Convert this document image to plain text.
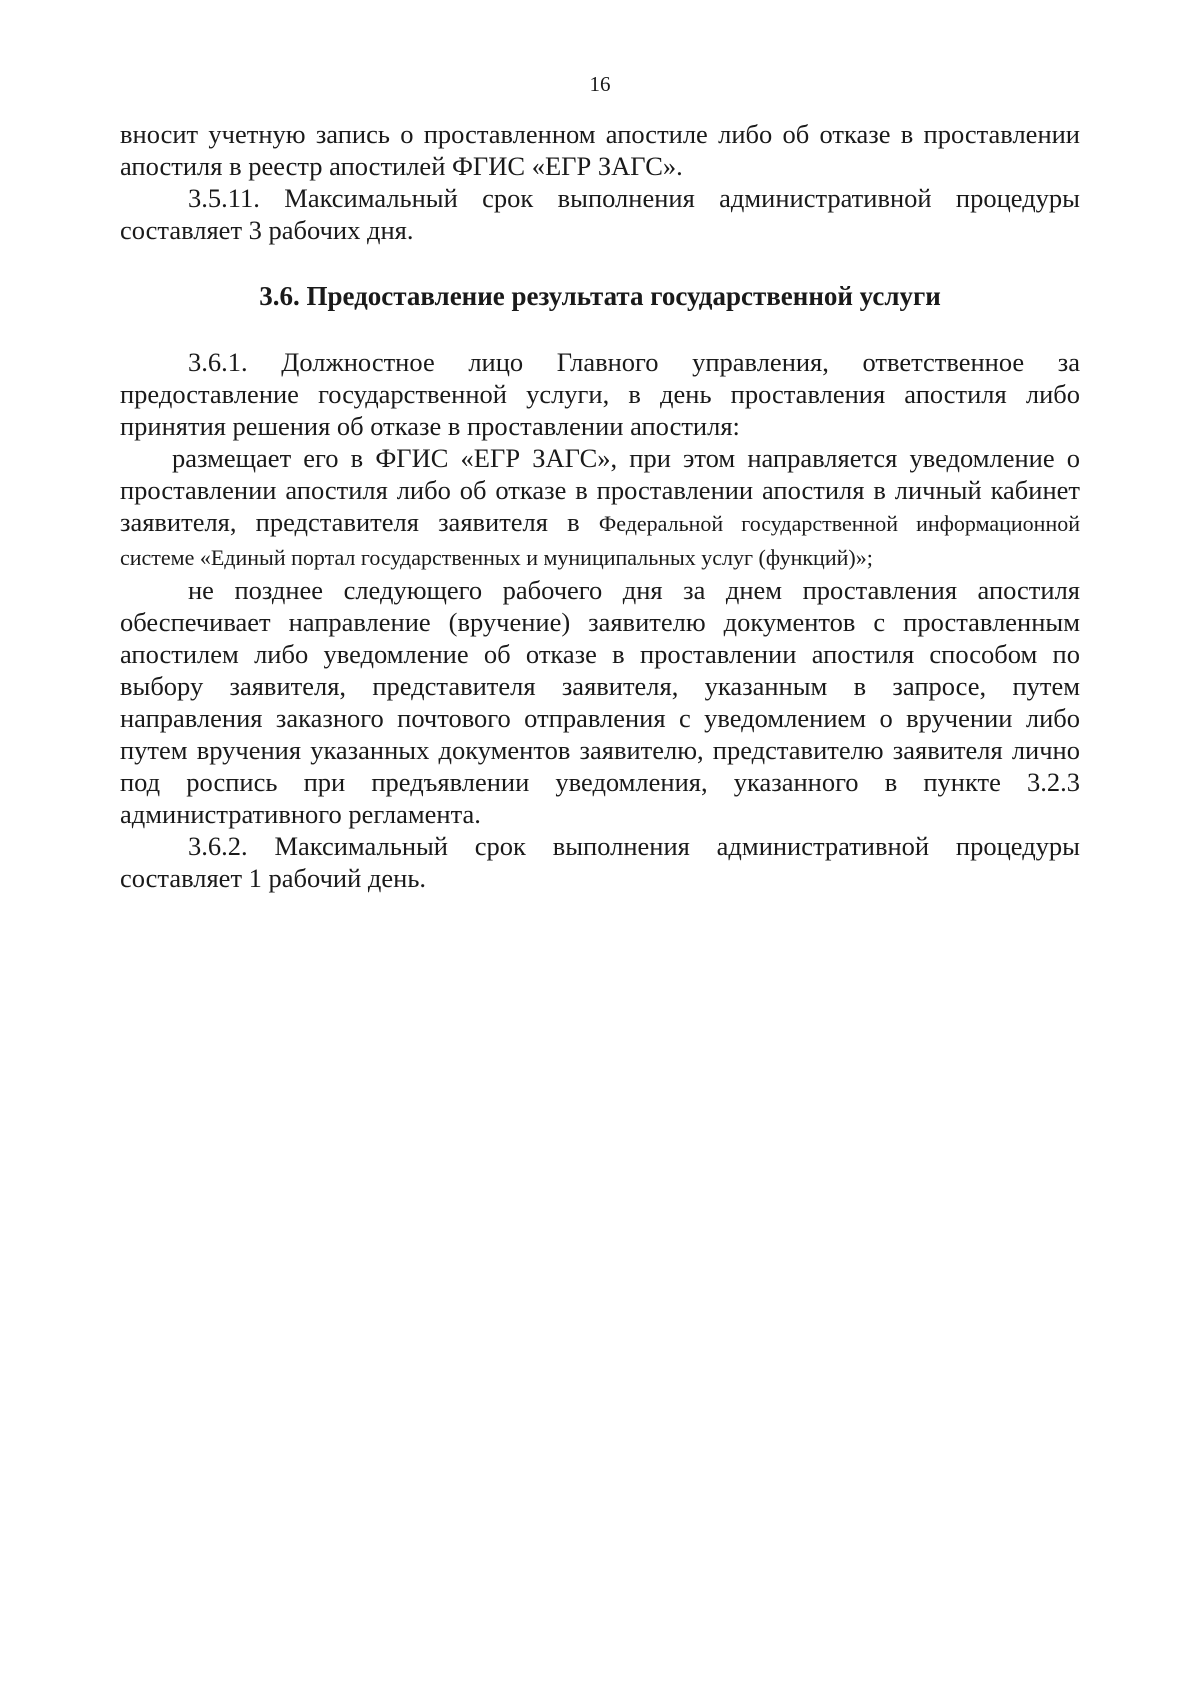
16

вносит учетную запись о проставленном апостиле либо об отказе в проставлении апостиля в реестр апостилей ФГИС «ЕГР ЗАГС».

3.5.11. Максимальный срок выполнения административной процедуры составляет 3 рабочих дня.

3.6. Предоставление результата государственной услуги

3.6.1. Должностное лицо Главного управления, ответственное за предоставление государственной услуги, в день проставления апостиля либо принятия решения об отказе в проставлении апостиля:

размещает его в ФГИС «ЕГР ЗАГС», при этом направляется уведомление о проставлении апостиля либо об отказе в проставлении апостиля в личный кабинет заявителя, представителя заявителя в Федеральной государственной информационной системе «Единый портал государственных и муниципальных услуг (функций)»;

не позднее следующего рабочего дня за днем проставления апостиля обеспечивает направление (вручение) заявителю документов с проставленным апостилем либо уведомление об отказе в проставлении апостиля способом по выбору заявителя, представителя заявителя, указанным в запросе, путем направления заказного почтового отправления с уведомлением о вручении либо путем вручения указанных документов заявителю, представителю заявителя лично под роспись при предъявлении уведомления, указанного в пункте 3.2.3 административного регламента.

3.6.2. Максимальный срок выполнения административной процедуры составляет 1 рабочий день.
